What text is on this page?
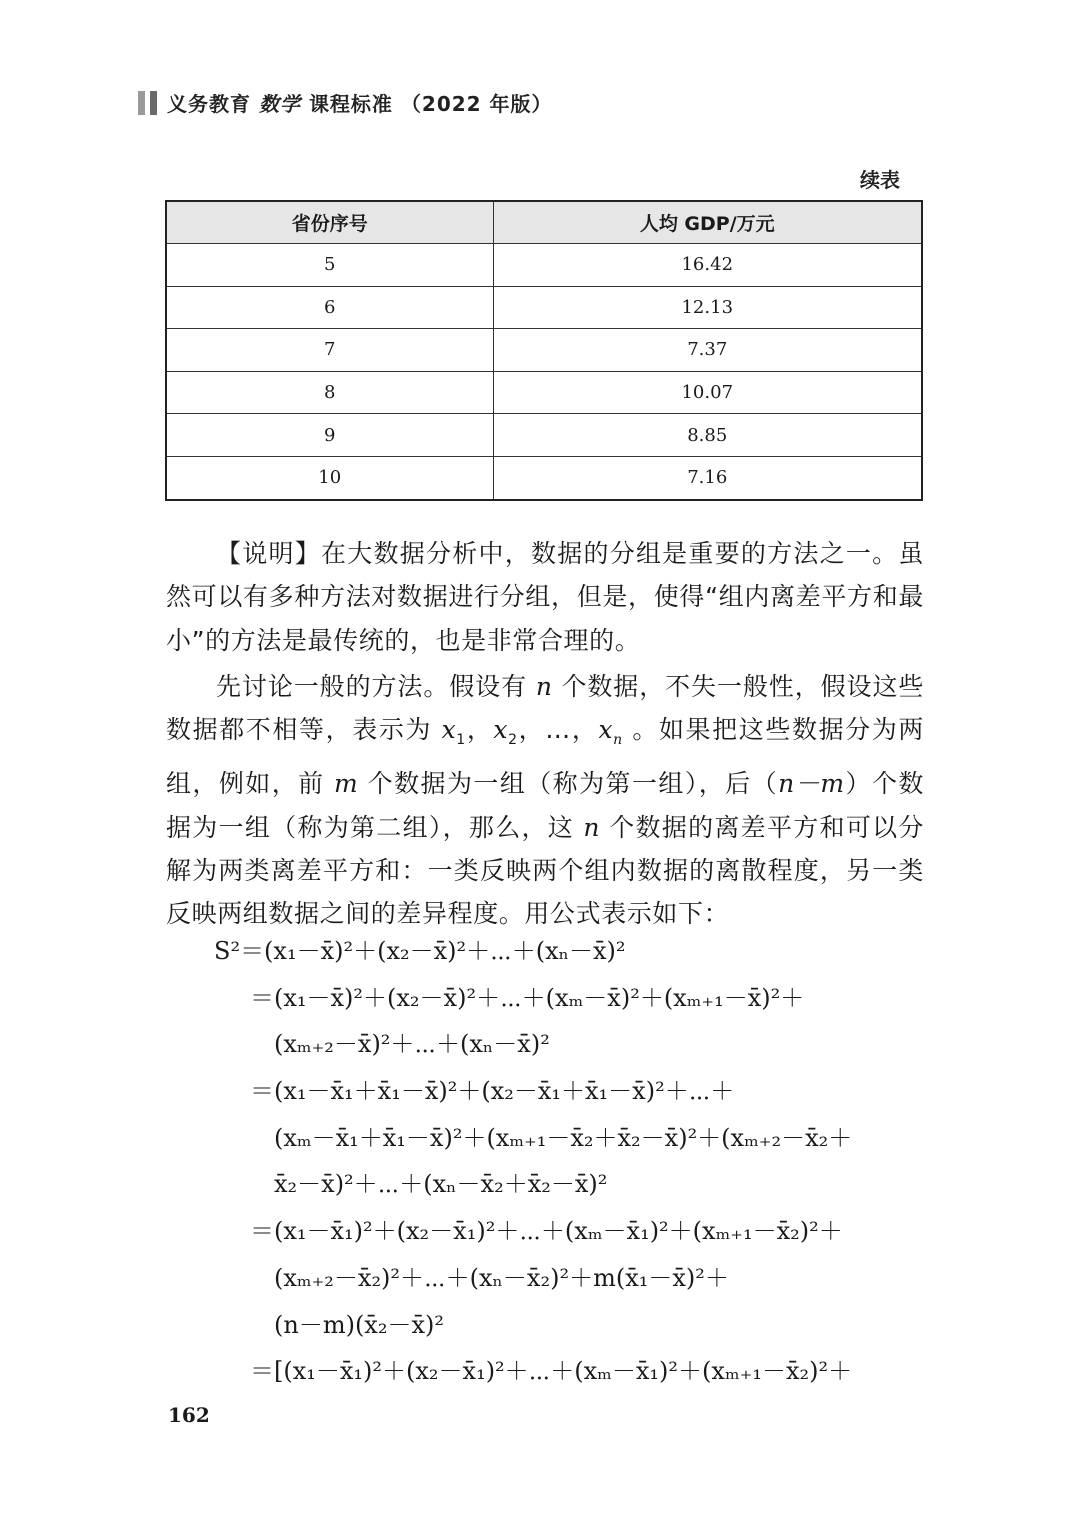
义务教育 数学 课程标准 （2022 年版）
续表
省份序号	人均 GDP/万元
5	16.42
6	12.13
7	7.37
8	10.07
9	8.85
10	7.16

【说明】在大数据分析中，数据的分组是重要的方法之一。虽然可以有多种方法对数据进行分组，但是，使得“组内离差平方和最小”的方法是最传统的，也是非常合理的。

先讨论一般的方法。假设有 n 个数据，不失一般性，假设这些数据都不相等，表示为 $x_1$，$x_2$，…，$x_n$ 。如果把这些数据分为两组，例如，前 m 个数据为一组（称为第一组），后（n－m）个数据为一组（称为第二组），那么，这 n 个数据的离差平方和可以分解为两类离差平方和：一类反映两个组内数据的离散程度，另一类反映两组数据之间的差异程度。用公式表示如下：

S²＝(x₁－x̄)²＋(x₂－x̄)²＋⋯＋(xₙ－x̄)²
＝(x₁－x̄)²＋(x₂－x̄)²＋⋯＋(xₘ－x̄)²＋(xₘ₊₁－x̄)²＋
(xₘ₊₂－x̄)²＋⋯＋(xₙ－x̄)²
＝(x₁－x̄₁＋x̄₁－x̄)²＋(x₂－x̄₁＋x̄₁－x̄)²＋⋯＋
(xₘ－x̄₁＋x̄₁－x̄)²＋(xₘ₊₁－x̄₂＋x̄₂－x̄)²＋(xₘ₊₂－x̄₂＋
x̄₂－x̄)²＋⋯＋(xₙ－x̄₂＋x̄₂－x̄)²
＝(x₁－x̄₁)²＋(x₂－x̄₁)²＋⋯＋(xₘ－x̄₁)²＋(xₘ₊₁－x̄₂)²＋
(xₘ₊₂－x̄₂)²＋⋯＋(xₙ－x̄₂)²＋m(x̄₁－x̄)²＋
(n－m)(x̄₂－x̄)²
＝[(x₁－x̄₁)²＋(x₂－x̄₁)²＋⋯＋(xₘ－x̄₁)²＋(xₘ₊₁－x̄₂)²＋
162
